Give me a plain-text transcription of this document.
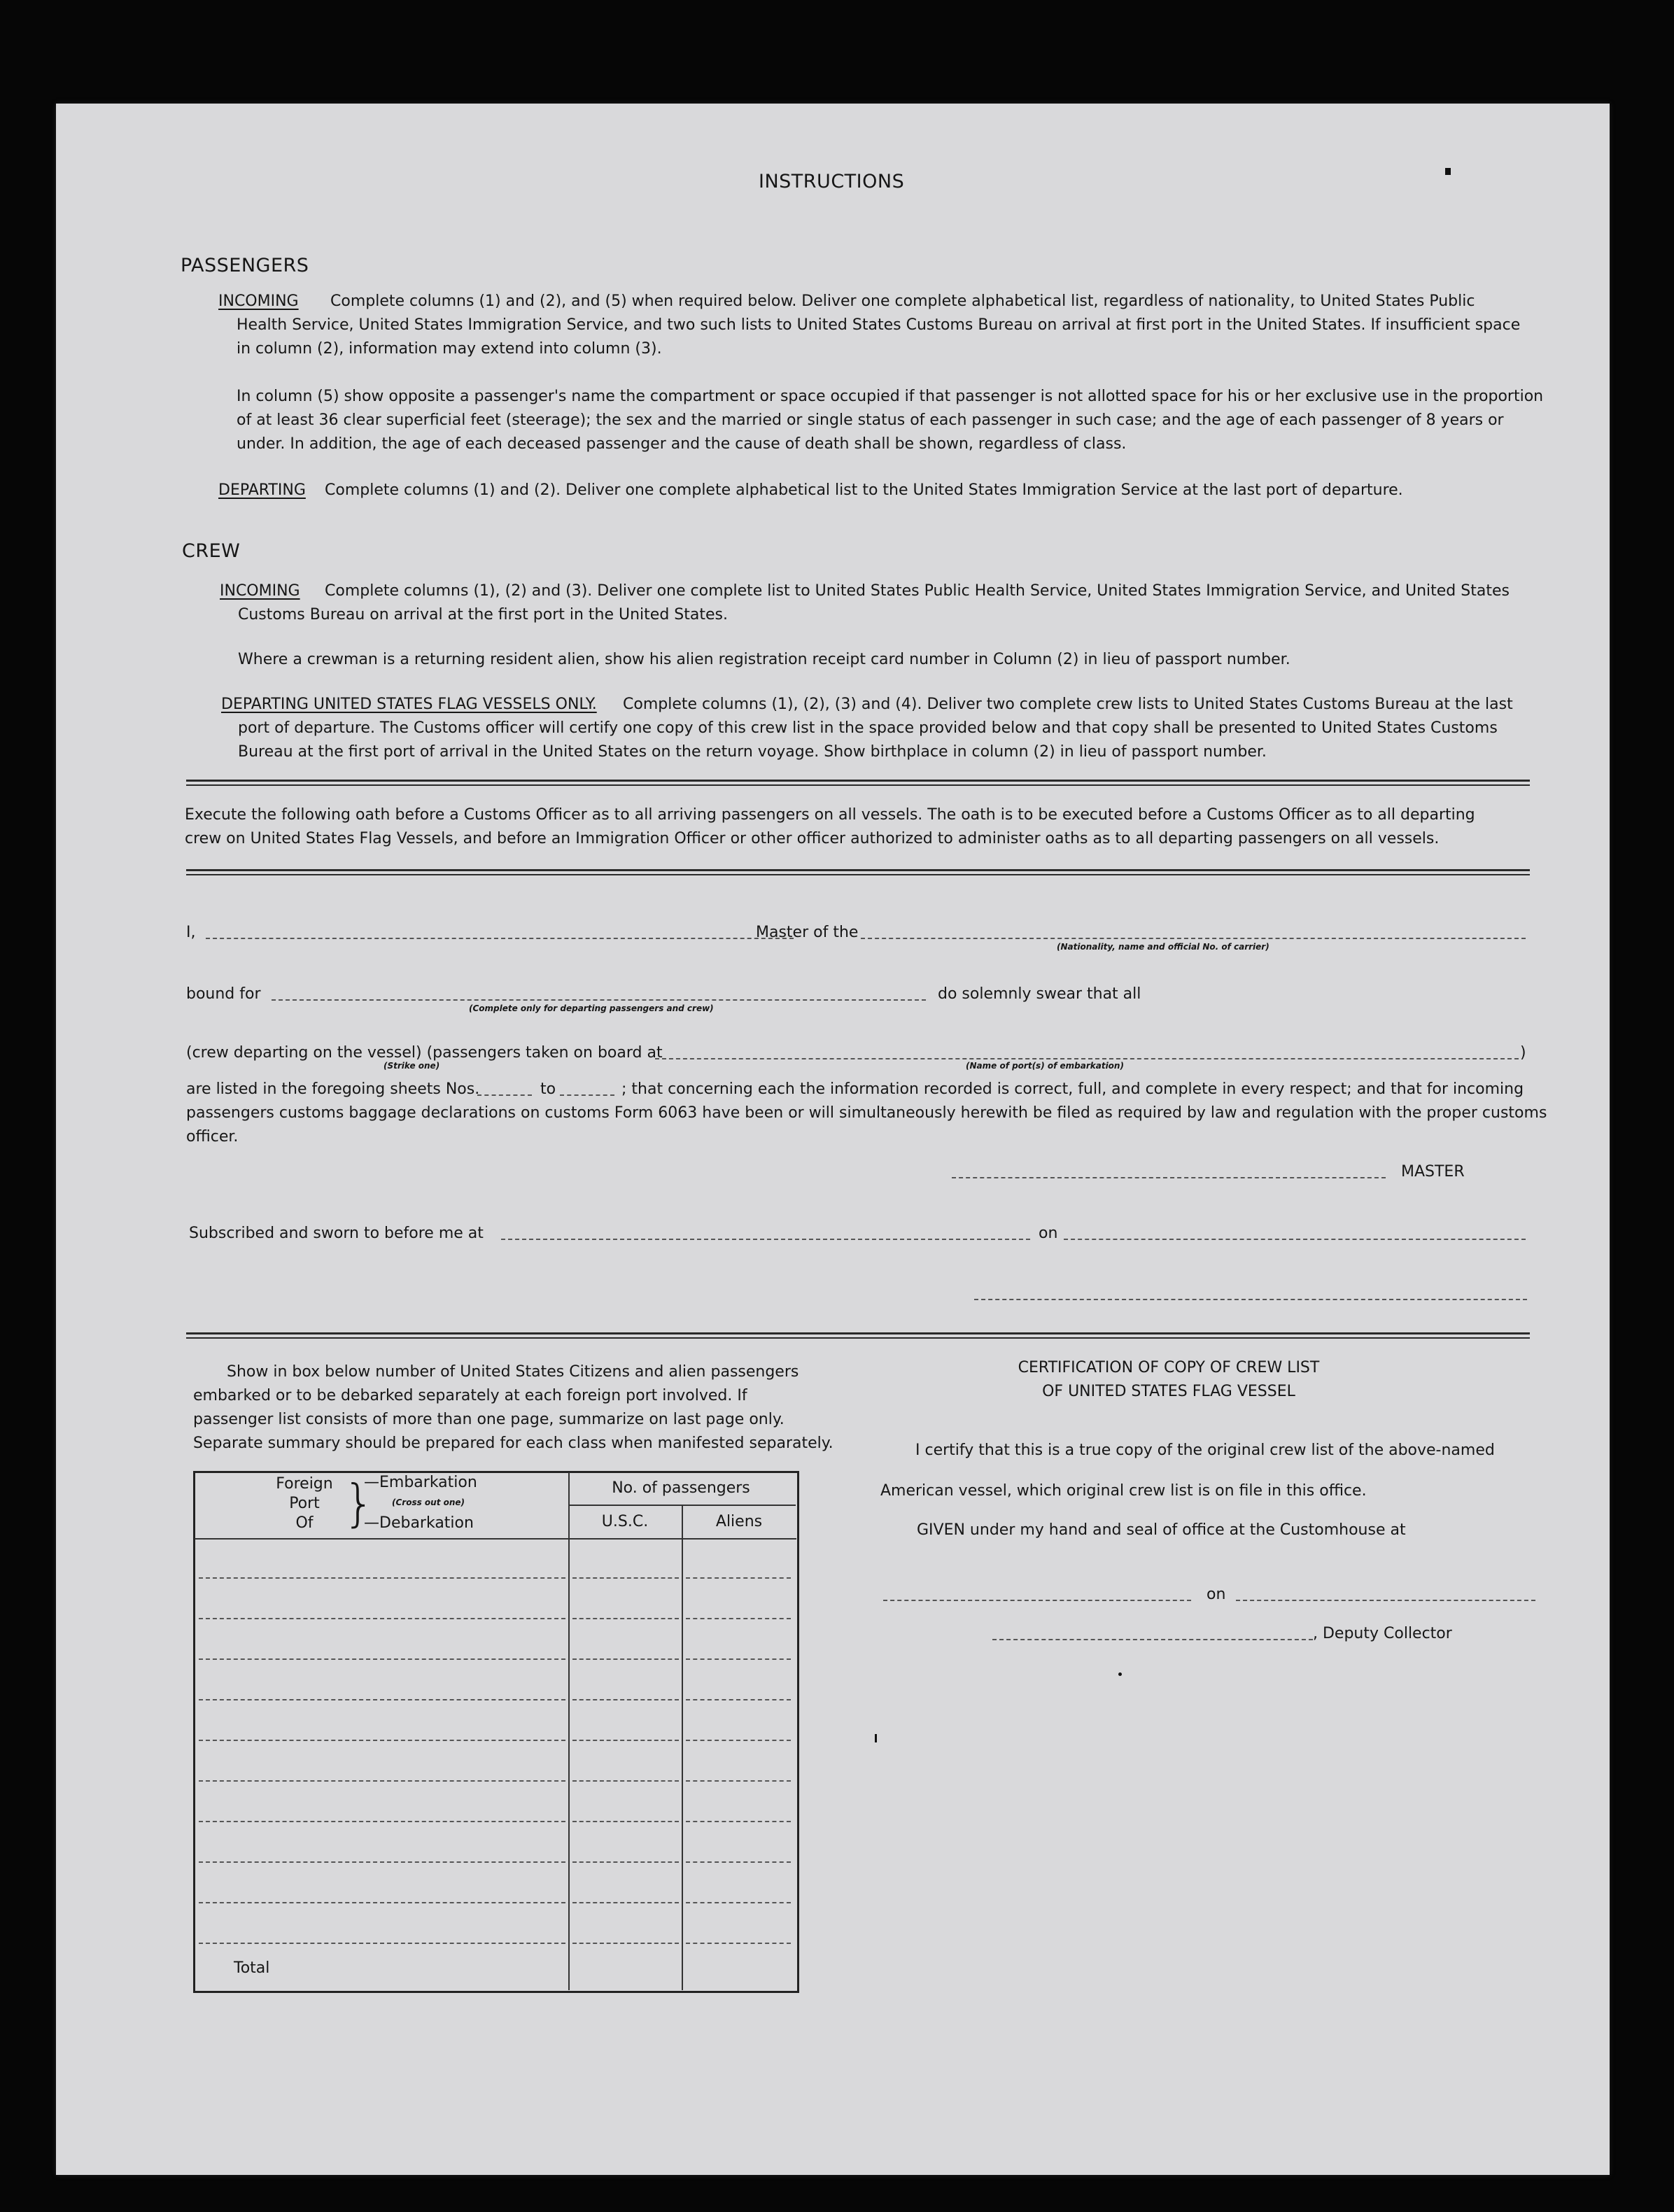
INSTRUCTIONS
PASSENGERS
INCOMING Complete columns (1) and (2), and (5) when required below. Deliver one complete alphabetical list, regardless of nationality, to United States Public
Health Service, United States Immigration Service, and two such lists to United States Customs Bureau on arrival at first port in the United States. If insufficient space
in column (2), information may extend into column (3).
In column (5) show opposite a passenger's name the compartment or space occupied if that passenger is not allotted space for his or her exclusive use in the proportion
of at least 36 clear superficial feet (steerage); the sex and the married or single status of each passenger in such case; and the age of each passenger of 8 years or
under. In addition, the age of each deceased passenger and the cause of death shall be shown, regardless of class.
DEPARTING Complete columns (1) and (2). Deliver one complete alphabetical list to the United States Immigration Service at the last port of departure.
CREW
INCOMING Complete columns (1), (2) and (3). Deliver one complete list to United States Public Health Service, United States Immigration Service, and United States
Customs Bureau on arrival at the first port in the United States.
Where a crewman is a returning resident alien, show his alien registration receipt card number in Column (2) in lieu of passport number.
DEPARTING UNITED STATES FLAG VESSELS ONLY. Complete columns (1), (2), (3) and (4). Deliver two complete crew lists to United States Customs Bureau at the last
port of departure. The Customs officer will certify one copy of this crew list in the space provided below and that copy shall be presented to United States Customs
Bureau at the first port of arrival in the United States on the return voyage. Show birthplace in column (2) in lieu of passport number.
Execute the following oath before a Customs Officer as to all arriving passengers on all vessels. The oath is to be executed before a Customs Officer as to all departing
crew on United States Flag Vessels, and before an Immigration Officer or other officer authorized to administer oaths as to all departing passengers on all vessels.
I,	Master of the
(Nationality, name and official No. of carrier)
bound for
(Complete only for departing passengers and crew)
do solemnly swear that all
(crew departing on the vessel) (passengers taken on board at	)
(Strike one)	(Name of port(s) of embarkation)
are listed in the foregoing sheets Nos.	to	; that concerning each the information recorded is correct, full, and complete in every respect; and that for incoming
passengers customs baggage declarations on customs Form 6063 have been or will simultaneously herewith be filed as required by law and regulation with the proper customs
officer.
MASTER
Subscribed and sworn to before me at	on
Show in box below number of United States Citizens and alien passengers
embarked or to be debarked separately at each foreign port involved. If
passenger list consists of more than one page, summarize on last page only.
Separate summary should be prepared for each class when manifested separately.
Foreign
Port
Of }
—Embarkation
(Cross out one)
—Debarkation
No. of passengers
U.S.C.	Aliens
Total
CERTIFICATION OF COPY OF CREW LIST
OF UNITED STATES FLAG VESSEL
I certify that this is a true copy of the original crew list of the above-named
American vessel, which original crew list is on file in this office.
GIVEN under my hand and seal of office at the Customhouse at
on
, Deputy Collector
